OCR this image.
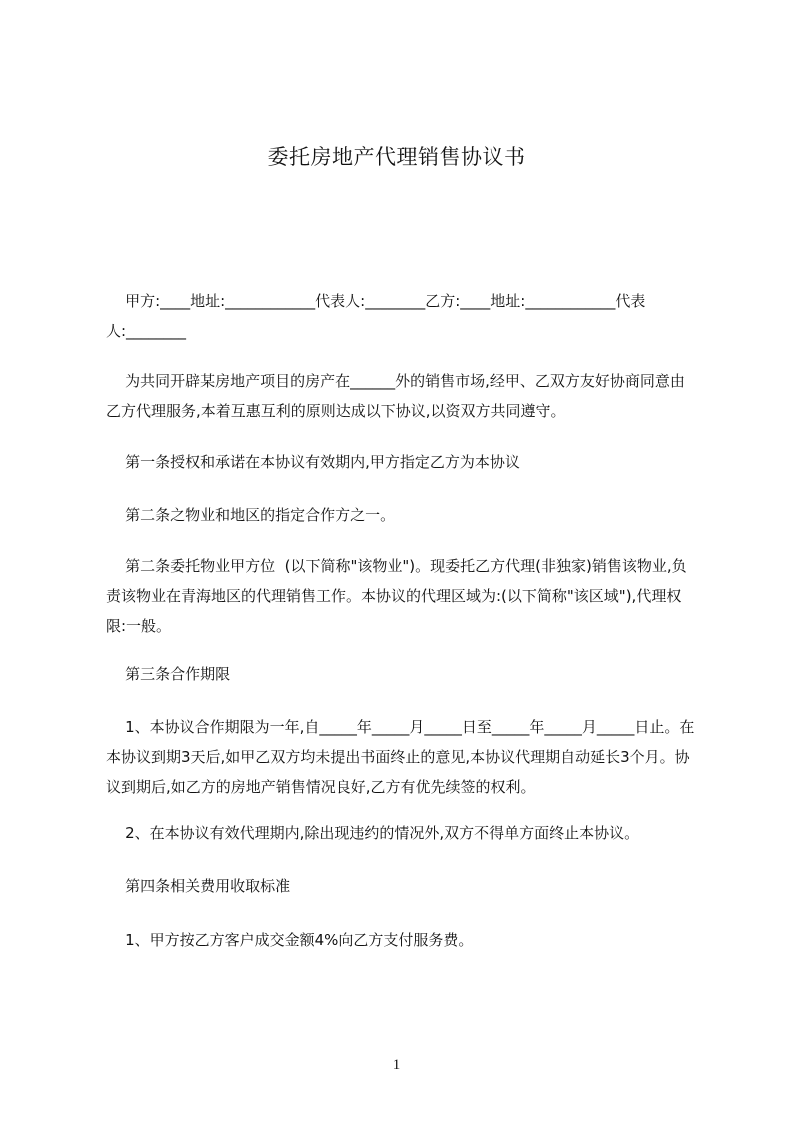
委托房地产代理销售协议书
甲方:____地址:____________代表人:________乙方:____地址:____________代表人:________
为共同开辟某房地产项目的房产在______外的销售市场,经甲、乙双方友好协商同意由乙方代理服务,本着互惠互利的原则达成以下协议,以资双方共同遵守。
第一条授权和承诺在本协议有效期内,甲方指定乙方为本协议
第二条之物业和地区的指定合作方之一。
第二条委托物业甲方位  (以下简称"该物业")。现委托乙方代理(非独家)销售该物业,负责该物业在青海地区的代理销售工作。本协议的代理区域为:(以下简称"该区域"),代理权限:一般。
第三条合作期限
1、本协议合作期限为一年,自_____年_____月_____日至_____年_____月_____日止。在本协议到期3天后,如甲乙双方均未提出书面终止的意见,本协议代理期自动延长3个月。协议到期后,如乙方的房地产销售情况良好,乙方有优先续签的权利。
2、在本协议有效代理期内,除出现违约的情况外,双方不得单方面终止本协议。
第四条相关费用收取标准
1、甲方按乙方客户成交金额4%向乙方支付服务费。
1
